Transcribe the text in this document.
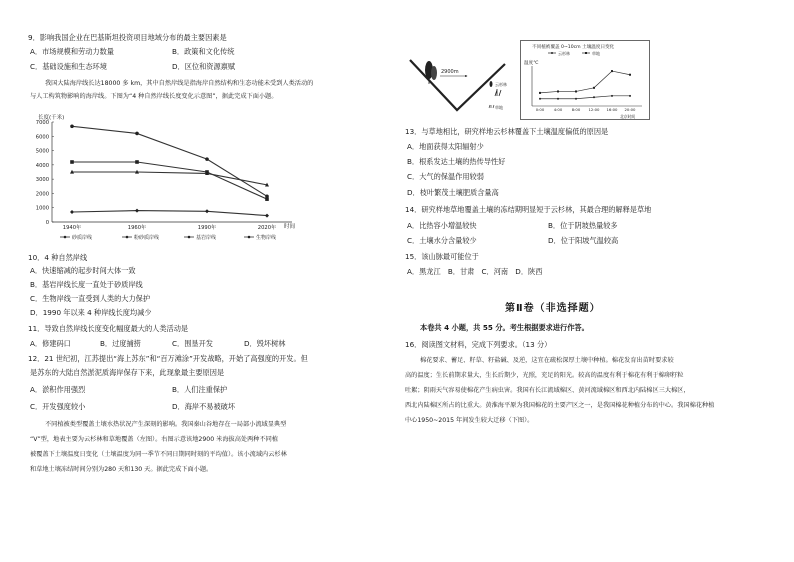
9．影响我国企业在巴基斯坦投资项目地域分布的最主要因素是
A．市场规模和劳动力数量	B．政策和文化传统
C．基础设施和生态环境	D．区位和资源禀赋
我国大陆海岸线长达18000 多 km，其中自然岸线是指海岸自然结构和生态功能未受到人类活动的
与人工构筑物影响的海岸线。下图为“4 种自然岸线长度变化示意图”，据此完成下面小题。
长度(千米)
7000
6000
5000
4000
3000
2000
1000
0
1940年	1960年	1990年	2020年 时间
砂质岸线	粉砂质岸线	基岩岸线	生物岸线
10．4 种自然岸线
A．快速缩减的起步时间大体一致
B．基岩岸线长度一直处于砂质岸线
C．生物岸线一直受到人类的大力保护
D．1990 年以来 4 种岸线长度均减少
11．导致自然岸线长度变化幅度最大的人类活动是
A．修建码口	B．过度捕捞	C．围垦开发	D．毁坏树林
12．21 世纪初，江苏提出“海上苏东”和“百万滩涂”开发战略，开始了高强度的开发。但
是苏东的大陆自然淤泥质海岸保存下来，此现象最主要原因是
A．淤积作用强烈	B．人们注重保护
C．开发强度较小	D．海岸不易被破坏
不同植被类型覆盖土壤水热状况产生深刻的影响。我国秦山谷地存在一局部小流域显典型
“V”型，地表主要为云杉林和草地覆盖（左图）。右图示意该地2900 米海拔高处两种不同植
被覆盖下土壤温度日变化（土壤温度为同一季节不同日期同时刻的平均值）。该小流域内云杉林
和草地土壤冻结时间分别为280 天和130 天。据此完成下面小题。
2900m
云杉林
草地
不同植被覆盖 0~10cm 土壤温度日变化
云杉林	草地
温度℃
0:00 4:00 8:00 12:00 16:00 20:00
北京时间
13．与草地相比，研究样地云杉林覆盖下土壤温度偏低的原因是
A．地面获得太阳辐射少
B．根系发达土壤的热传导性好
C．大气的保温作用较弱
D．枝叶繁茂土壤肥质含量高
14．研究样地草地覆盖土壤的冻结期明显短于云杉林，其最合理的解释是草地
A．比热容小增温较快	B．位于阴坡热量较多
C．土壤水分含量较少	D．位于阳坡气温较高
15．该山脉最可能位于
A．黑龙江　B．甘肃　C．河南　D．陕西
第Ⅱ卷（非选择题）
本卷共 4 小题，共 55 分。考生根据要求进行作答。
16．阅读图文材料，完成下列要求。（13 分）
棉花要求、蓄足、籽草、籽盐碱、及逆，这宜在疏松深厚土壤中种植。棉花发育出苗时要求较
高的温度；生长前期求量大，生长后期少，光照，充足的阳光。较高的温度有利于棉花有利于棉卵籽粒
吐絮；阴雨天气容易使棉花产生病虫害。我国有长江流域棉区、黄河流域棉区和西北内陆棉区三大棉区，
西北内陆棉区所占的比重大。黄淮海平原为我国棉花的主要产区之一，是我国棉花种植分布的中心。我国棉花种植
中心1950~2015 年间发生较大迁移（下图）。
